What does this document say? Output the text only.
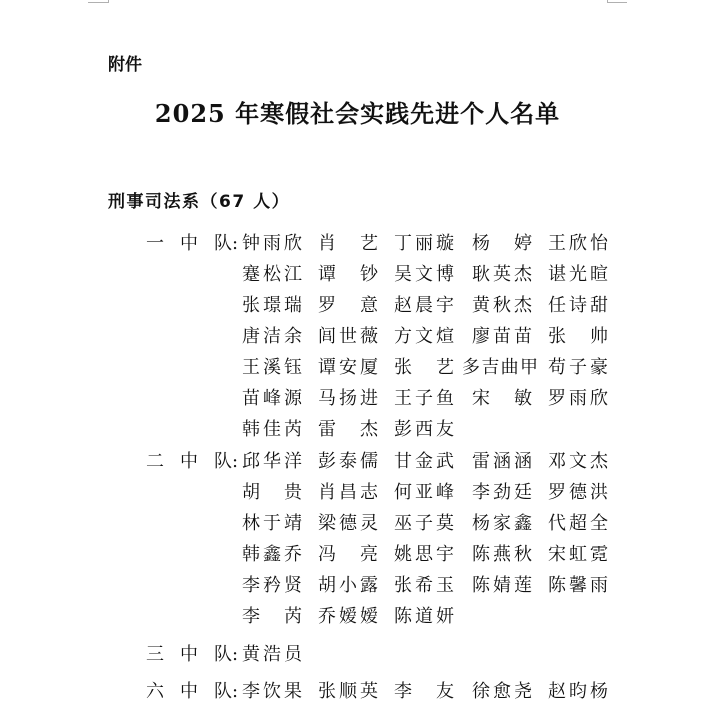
附件
2025 年寒假社会实践先进个人名单
刑事司法系（67 人）
一 中 队: 钟雨欣 肖 艺 丁丽璇 杨 婷 王欣怡
蹇松江 谭 钞 吴文博 耿英杰 谌光暄
张璟瑞 罗 意 赵晨宇 黄秋杰 任诗甜
唐洁余 闾世薇 方文煊 廖苗苗 张 帅
王溪钰 谭安厦 张 艺 多吉曲甲 苟子豪
苗峰源 马扬进 王子鱼 宋 敏 罗雨欣
韩佳芮 雷 杰 彭西友
二 中 队: 邱华洋 彭泰儒 甘金武 雷涵涵 邓文杰
胡 贵 肖昌志 何亚峰 李劲廷 罗德洪
林于靖 梁德灵 巫子莫 杨家鑫 代超全
韩鑫乔 冯 亮 姚思宇 陈燕秋 宋虹霓
李矜贤 胡小露 张希玉 陈婧莲 陈馨雨
李 芮 乔嫒嫒 陈道妍
三 中 队: 黄浩员
六 中 队: 李饮果 张顺英 李 友 徐愈尧 赵昀杨
